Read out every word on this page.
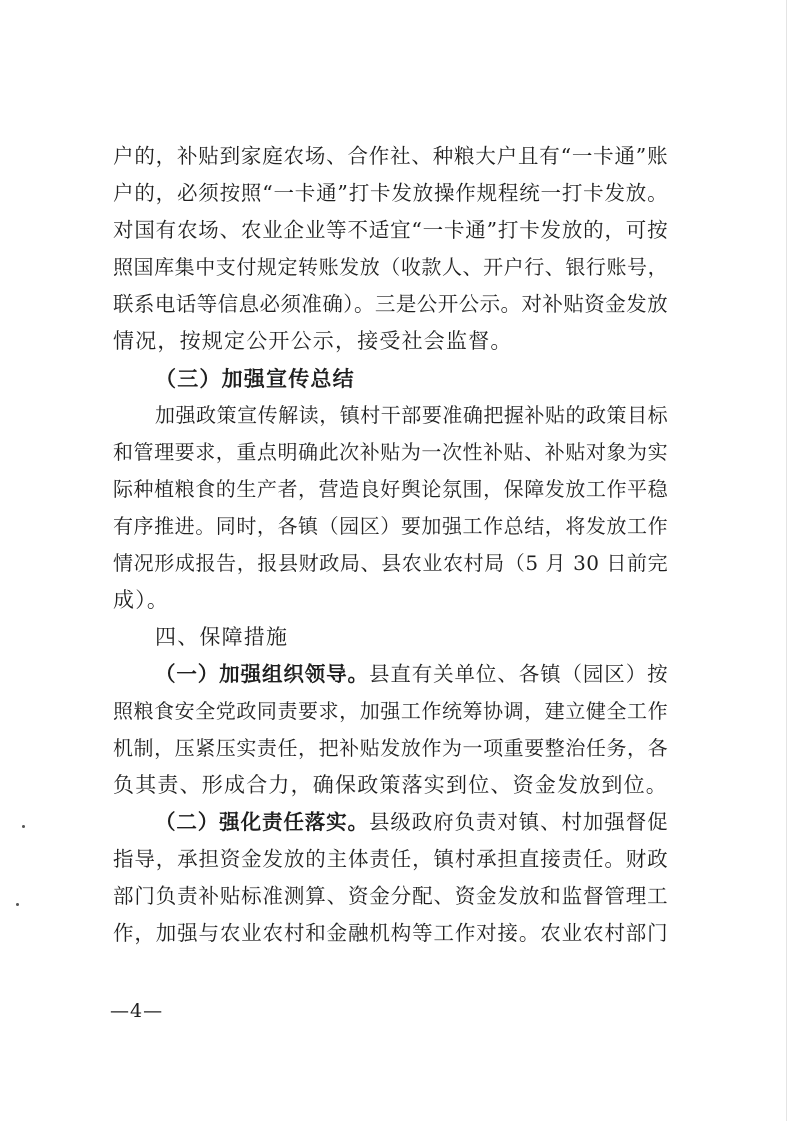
户的，补贴到家庭农场、合作社、种粮大户且有“一卡通”账
户的，必须按照“一卡通”打卡发放操作规程统一打卡发放。
对国有农场、农业企业等不适宜“一卡通”打卡发放的，可按
照国库集中支付规定转账发放（收款人、开户行、银行账号，
联系电话等信息必须准确）。三是公开公示。对补贴资金发放
情况，按规定公开公示，接受社会监督。
（三）加强宣传总结
加强政策宣传解读，镇村干部要准确把握补贴的政策目标
和管理要求，重点明确此次补贴为一次性补贴、补贴对象为实
际种植粮食的生产者，营造良好舆论氛围，保障发放工作平稳
有序推进。同时，各镇（园区）要加强工作总结，将发放工作
情况形成报告，报县财政局、县农业农村局（5 月 30 日前完
成）。
四、保障措施
（一）加强组织领导。县直有关单位、各镇（园区）按
照粮食安全党政同责要求，加强工作统筹协调，建立健全工作
机制，压紧压实责任，把补贴发放作为一项重要整治任务，各
负其责、形成合力，确保政策落实到位、资金发放到位。
（二）强化责任落实。县级政府负责对镇、村加强督促
指导，承担资金发放的主体责任，镇村承担直接责任。财政
部门负责补贴标准测算、资金分配、资金发放和监督管理工
作，加强与农业农村和金融机构等工作对接。农业农村部门
—4—
